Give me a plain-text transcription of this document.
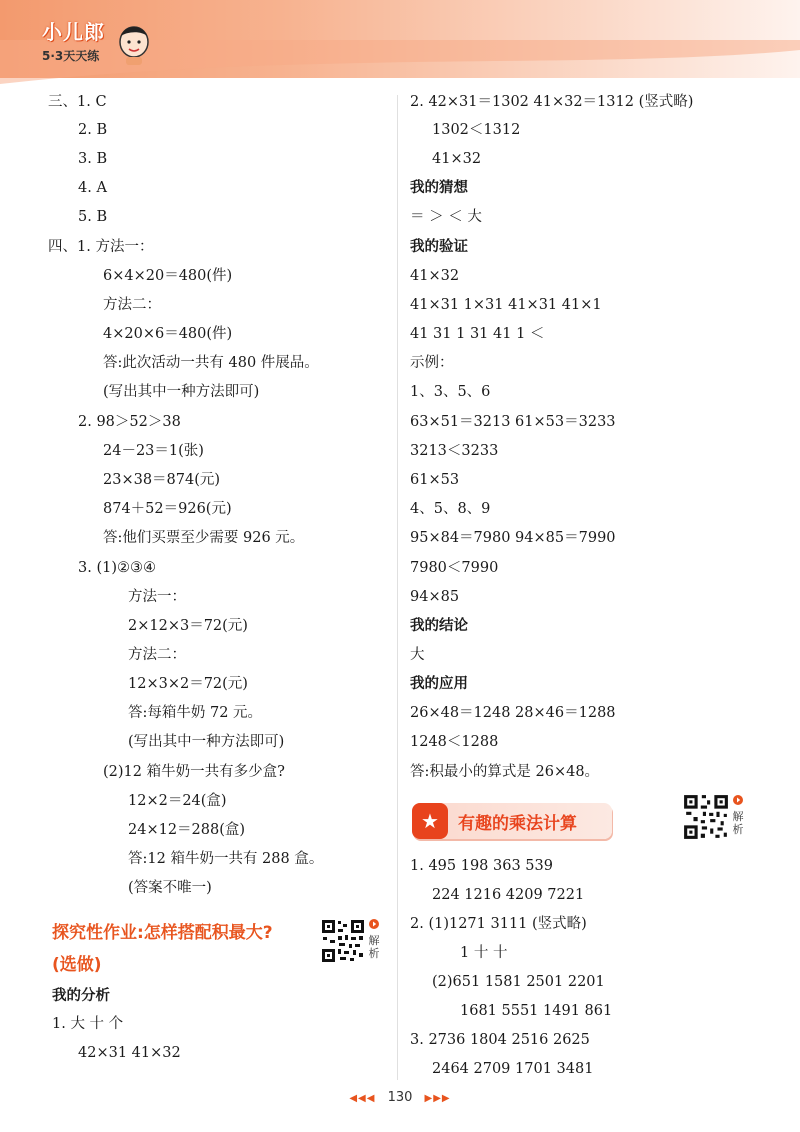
小儿郎
5·3天天练
三、1. C
2. B
3. B
4. A
5. B
四、1. 方法一：
6×4×20＝480(件)
方法二：
4×20×6＝480(件)
答:此次活动一共有 480 件展品。
(写出其中一种方法即可)
2. 98＞52＞38
24－23＝1(张)
23×38＝874(元)
874＋52＝926(元)
答:他们买票至少需要 926 元。
3. (1)②③④
方法一：
2×12×3＝72(元)
方法二：
12×3×2＝72(元)
答:每箱牛奶 72 元。
(写出其中一种方法即可)
(2)12 箱牛奶一共有多少盒?
12×2＝24(盒)
24×12＝288(盒)
答:12 箱牛奶一共有 288 盒。
(答案不唯一)
探究性作业:怎样搭配积最大?
(选做)
解析
我的分析
1. 大 十 个
42×31 41×32
2. 42×31＝1302 41×32＝1312 (竖式略)
1302＜1312
41×32
我的猜想
＝ ＞ ＜ 大
我的验证
41×32
41×31 1×31 41×31 41×1
41 31 1 31 41 1 ＜
示例：
1、3、5、6
63×51＝3213 61×53＝3233
3213＜3233
61×53
4、5、8、9
95×84＝7980 94×85＝7990
7980＜7990
94×85
我的结论
大
我的应用
26×48＝1248 28×46＝1288
1248＜1288
答:积最小的算式是 26×48。
★	有趣的乘法计算	解析
1. 495 198 363 539
224 1216 4209 7221
2. (1)1271 3111 (竖式略)
1 十 十
(2)651 1581 2501 2201
1681 5551 1491 861
3. 2736 1804 2516 2625
2464 2709 1701 3481
◀◀◀ 130 ▶▶▶
